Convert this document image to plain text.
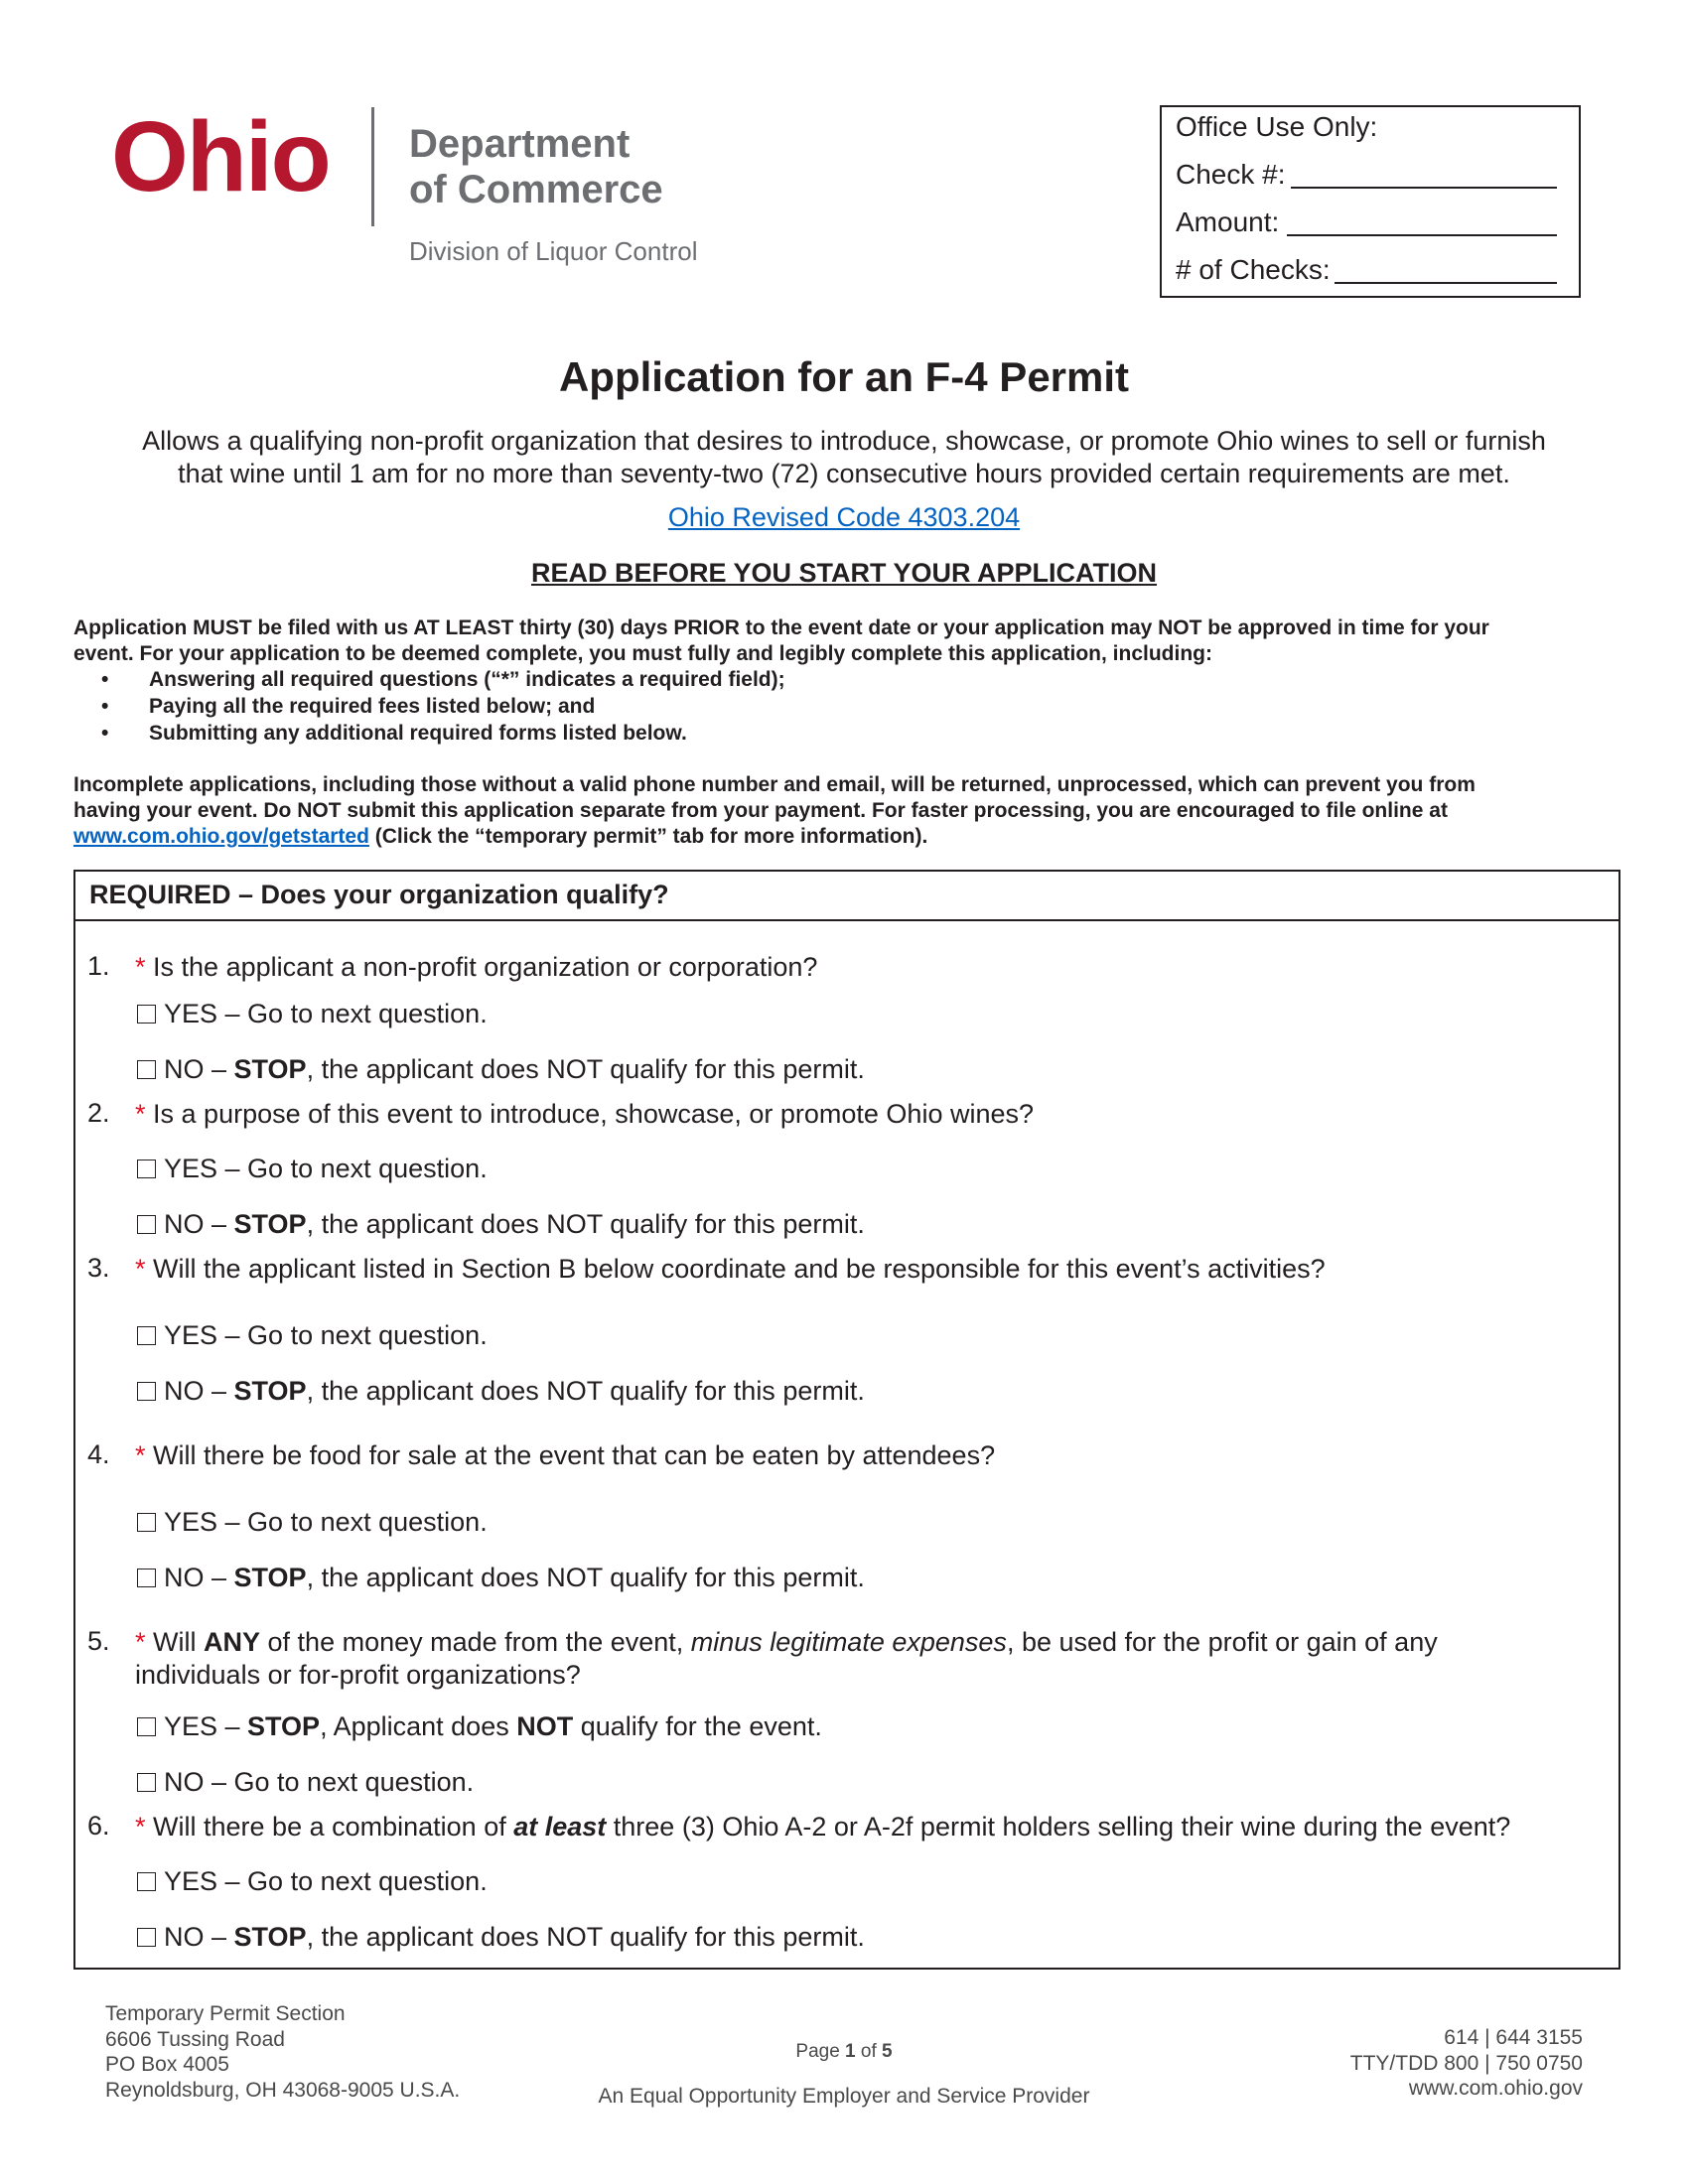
Ohio Department
of Commerce
Division of Liquor Control
Office Use Only:
Check #:
Amount:
# of Checks:
Application for an F-4 Permit
Allows a qualifying non-profit organization that desires to introduce, showcase, or promote Ohio wines to sell or furnish
that wine until 1 am for no more than seventy-two (72) consecutive hours provided certain requirements are met.
Ohio Revised Code 4303.204
READ BEFORE YOU START YOUR APPLICATION
Application MUST be filed with us AT LEAST thirty (30) days PRIOR to the event date or your application may NOT be approved in time for your
event. For your application to be deemed complete, you must fully and legibly complete this application, including:
• Answering all required questions (“*” indicates a required field);
• Paying all the required fees listed below; and
• Submitting any additional required forms listed below.
Incomplete applications, including those without a valid phone number and email, will be returned, unprocessed, which can prevent you from
having your event. Do NOT submit this application separate from your payment. For faster processing, you are encouraged to file online at
www.com.ohio.gov/getstarted (Click the “temporary permit” tab for more information).
REQUIRED – Does your organization qualify?
1. * Is the applicant a non-profit organization or corporation?
YES – Go to next question.
NO – STOP, the applicant does NOT qualify for this permit.
2. * Is a purpose of this event to introduce, showcase, or promote Ohio wines?
YES – Go to next question.
NO – STOP, the applicant does NOT qualify for this permit.
3. * Will the applicant listed in Section B below coordinate and be responsible for this event’s activities?
YES – Go to next question.
NO – STOP, the applicant does NOT qualify for this permit.
4. * Will there be food for sale at the event that can be eaten by attendees?
YES – Go to next question.
NO – STOP, the applicant does NOT qualify for this permit.
5. * Will ANY of the money made from the event, minus legitimate expenses, be used for the profit or gain of any
individuals or for-profit organizations?
YES – STOP, Applicant does NOT qualify for the event.
NO – Go to next question.
6. * Will there be a combination of at least three (3) Ohio A-2 or A-2f permit holders selling their wine during the event?
YES – Go to next question.
NO – STOP, the applicant does NOT qualify for this permit.
Temporary Permit Section
6606 Tussing Road
PO Box 4005
Reynoldsburg, OH 43068-9005 U.S.A.
Page 1 of 5
An Equal Opportunity Employer and Service Provider
614 | 644 3155
TTY/TDD 800 | 750 0750
www.com.ohio.gov
